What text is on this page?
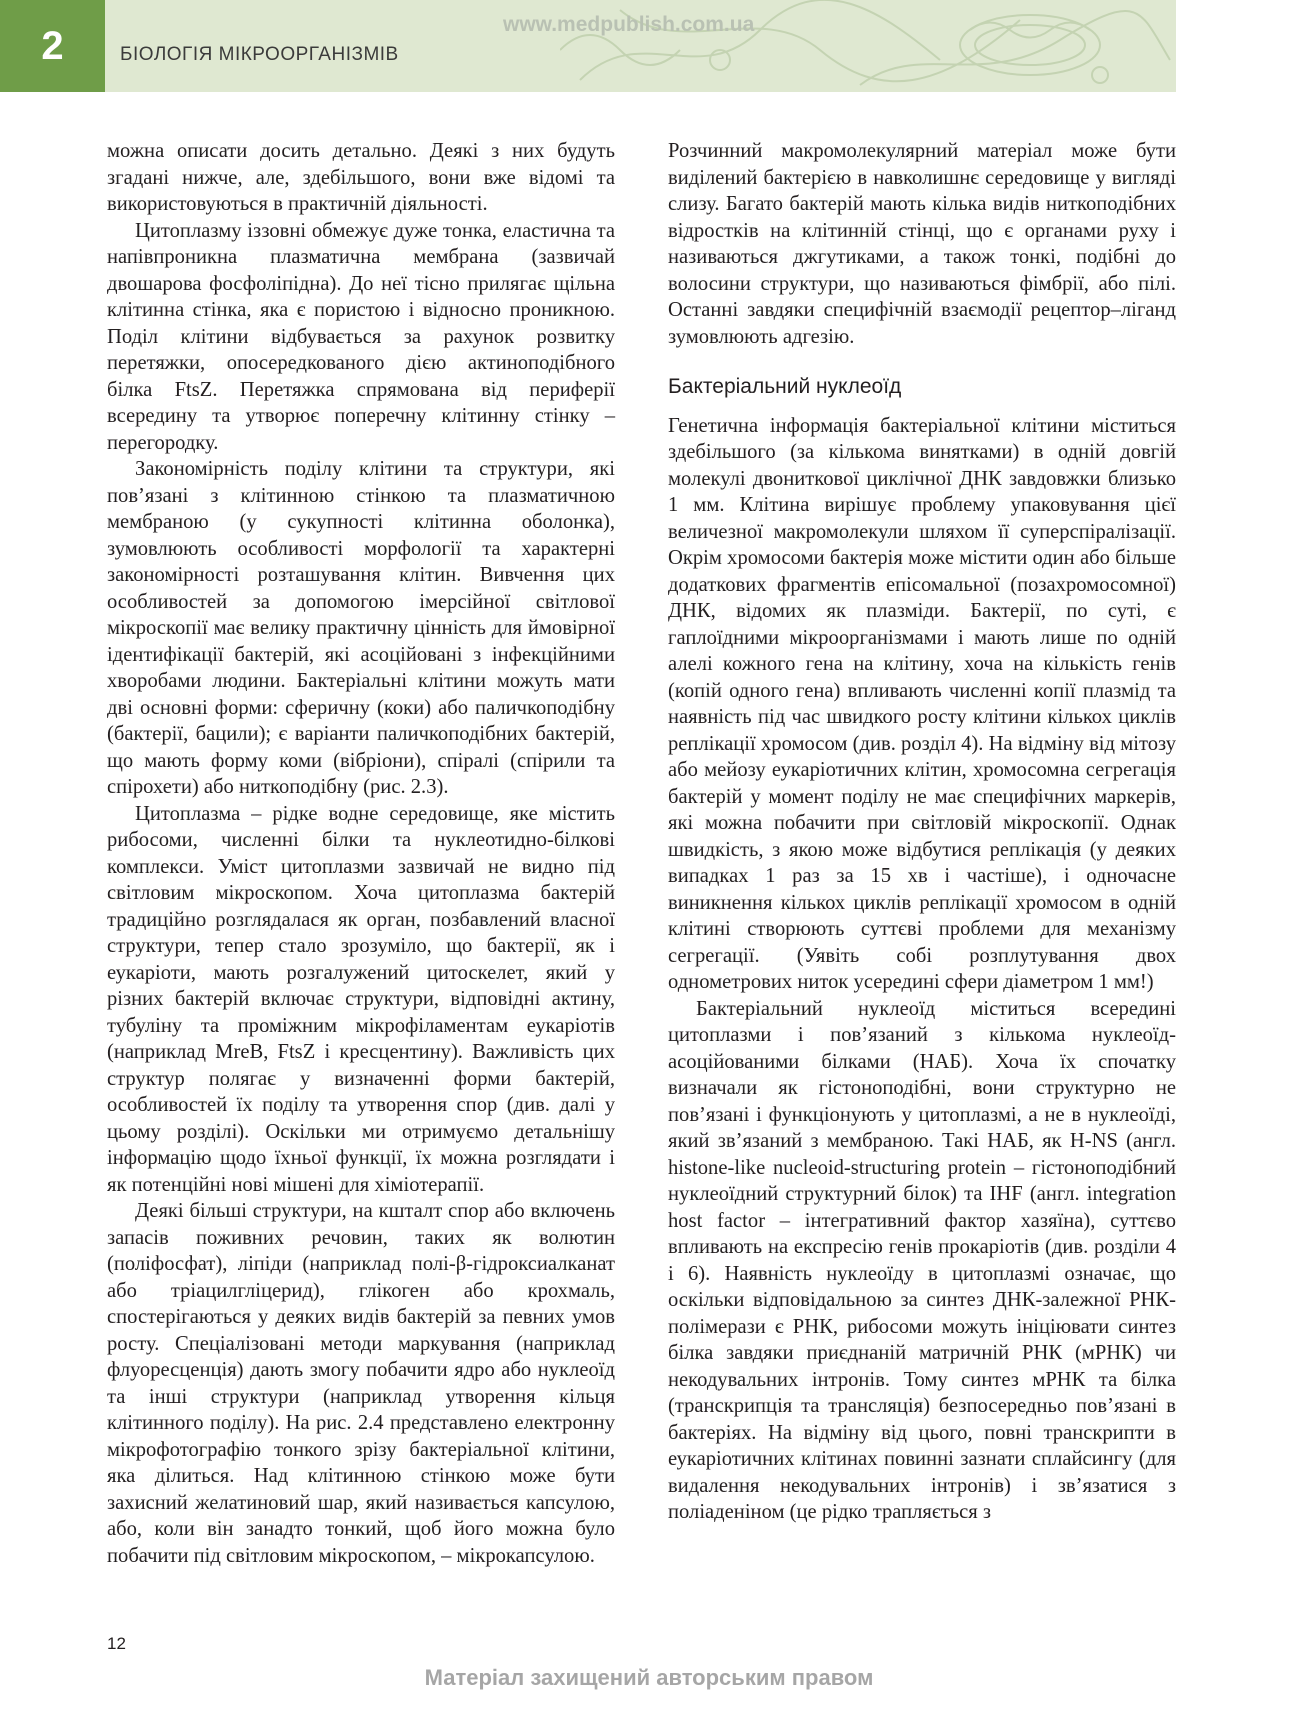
2	БІОЛОГІЯ МІКРООРГАНІЗМІВ
www.medpublish.com.ua

можна описати досить детально. Деякі з них будуть згадані нижче, але, здебільшого, вони вже відомі та використовуються в практичній діяльності.

Цитоплазму іззовні обмежує дуже тонка, еластична та напівпроникна плазматична мембрана (зазвичай двошарова фосфоліпідна). До неї тісно прилягає щільна клітинна стінка, яка є пористою і відносно проникною. Поділ клітини відбувається за рахунок розвитку перетяжки, опосередкованого дією актиноподібного білка FtsZ. Перетяжка спрямована від периферії всередину та утворює поперечну клітинну стінку – перегородку.

Закономірність поділу клітини та структури, які пов’язані з клітинною стінкою та плазматичною мембраною (у сукупності клітинна оболонка), зумовлюють особливості морфології та характерні закономірності розташування клітин. Вивчення цих особливостей за допомогою імерсійної світлової мікроскопії має велику практичну цінність для ймовірної ідентифікації бактерій, які асоційовані з інфекційними хворобами людини. Бактеріальні клітини можуть мати дві основні форми: сферичну (коки) або паличкоподібну (бактерії, бацили); є варіанти паличкоподібних бактерій, що мають форму коми (вібріони), спіралі (спірили та спірохети) або ниткоподібну (рис. 2.3).

Цитоплазма – рідке водне середовище, яке містить рибосоми, численні білки та нуклеотидно-білкові комплекси. Уміст цитоплазми зазвичай не видно під світловим мікроскопом. Хоча цитоплазма бактерій традиційно розглядалася як орган, позбавлений власної структури, тепер стало зрозуміло, що бактерії, як і еукаріоти, мають розгалужений цитоскелет, який у різних бактерій включає структури, відповідні актину, тубуліну та проміжним мікрофіламентам еукаріотів (наприклад MreB, FtsZ і кресцентину). Важливість цих структур полягає у визначенні форми бактерій, особливостей їх поділу та утворення спор (див. далі у цьому розділі). Оскільки ми отримуємо детальнішу інформацію щодо їхньої функції, їх можна розглядати і як потенційні нові мішені для хіміотерапії.

Деякі більші структури, на кшталт спор або включень запасів поживних речовин, таких як волютин (поліфосфат), ліпіди (наприклад полі-β-гідроксиалканат або тріацилгліцерид), глікоген або крохмаль, спостерігаються у деяких видів бактерій за певних умов росту. Спеціалізовані методи маркування (наприклад флуоресценція) дають змогу побачити ядро або нуклеоїд та інші структури (наприклад утворення кільця клітинного поділу). На рис. 2.4 представлено електронну мікрофотографію тонкого зрізу бактеріальної клітини, яка ділиться. Над клітинною стінкою може бути захисний желатиновий шар, який називається капсулою, або, коли він занадто тонкий, щоб його можна було побачити під світловим мікроскопом, – мікрокапсулою.

Розчинний макромолекулярний матеріал може бути виділений бактерією в навколишнє середовище у вигляді слизу. Багато бактерій мають кілька видів ниткоподібних відростків на клітинній стінці, що є органами руху і називаються джгутиками, а також тонкі, подібні до волосини структури, що називаються фімбрії, або пілі. Останні завдяки специфічній взаємодії рецептор–ліганд зумовлюють адгезію.

Бактеріальний нуклеоїд

Генетична інформація бактеріальної клітини міститься здебільшого (за кількома винятками) в одній довгій молекулі двониткової циклічної ДНК завдовжки близько 1 мм. Клітина вирішує проблему упаковування цієї величезної макромолекули шляхом її суперспіралізації. Окрім хромосоми бактерія може містити один або більше додаткових фрагментів епісомальної (позахромосомної) ДНК, відомих як плазміди. Бактерії, по суті, є гаплоїдними мікроорганізмами і мають лише по одній алелі кожного гена на клітину, хоча на кількість генів (копій одного гена) впливають численні копії плазмід та наявність під час швидкого росту клітини кількох циклів реплікації хромосом (див. розділ 4). На відміну від мітозу або мейозу еукаріотичних клітин, хромосомна сегрегація бактерій у момент поділу не має специфічних маркерів, які можна побачити при світловій мікроскопії. Однак швидкість, з якою може відбутися реплікація (у деяких випадках 1 раз за 15 хв і частіше), і одночасне виникнення кількох циклів реплікації хромосом в одній клітині створюють суттєві проблеми для механізму сегрегації. (Уявіть собі розплутування двох однометрових ниток усередині сфери діаметром 1 мм!)

Бактеріальний нуклеоїд міститься всередині цитоплазми і пов’язаний з кількома нуклеоїд-асоційованими білками (НАБ). Хоча їх спочатку визначали як гістоноподібні, вони структурно не пов’язані і функціонують у цитоплазмі, а не в нуклеоїді, який зв’язаний з мембраною. Такі НАБ, як H-NS (англ. histone-like nucleoid-structuring protein – гістоноподібний нуклеоїдний структурний білок) та IHF (англ. integration host factor – інтегративний фактор хазяїна), суттєво впливають на експресію генів прокаріотів (див. розділи 4 і 6). Наявність нуклеоїду в цитоплазмі означає, що оскільки відповідальною за синтез ДНК-залежної РНК-полімерази є РНК, рибосоми можуть ініціювати синтез білка завдяки приєднаній матричній РНК (мРНК) чи некодувальних інтронів. Тому синтез мРНК та білка (транскрипція та трансляція) безпосередньо пов’язані в бактеріях. На відміну від цього, повні транскрипти в еукаріотичних клітинах повинні зазнати сплайсингу (для видалення некодувальних інтронів) і зв’язатися з поліаденіном (це рідко трапляється з

12
Матеріал захищений авторським правом
